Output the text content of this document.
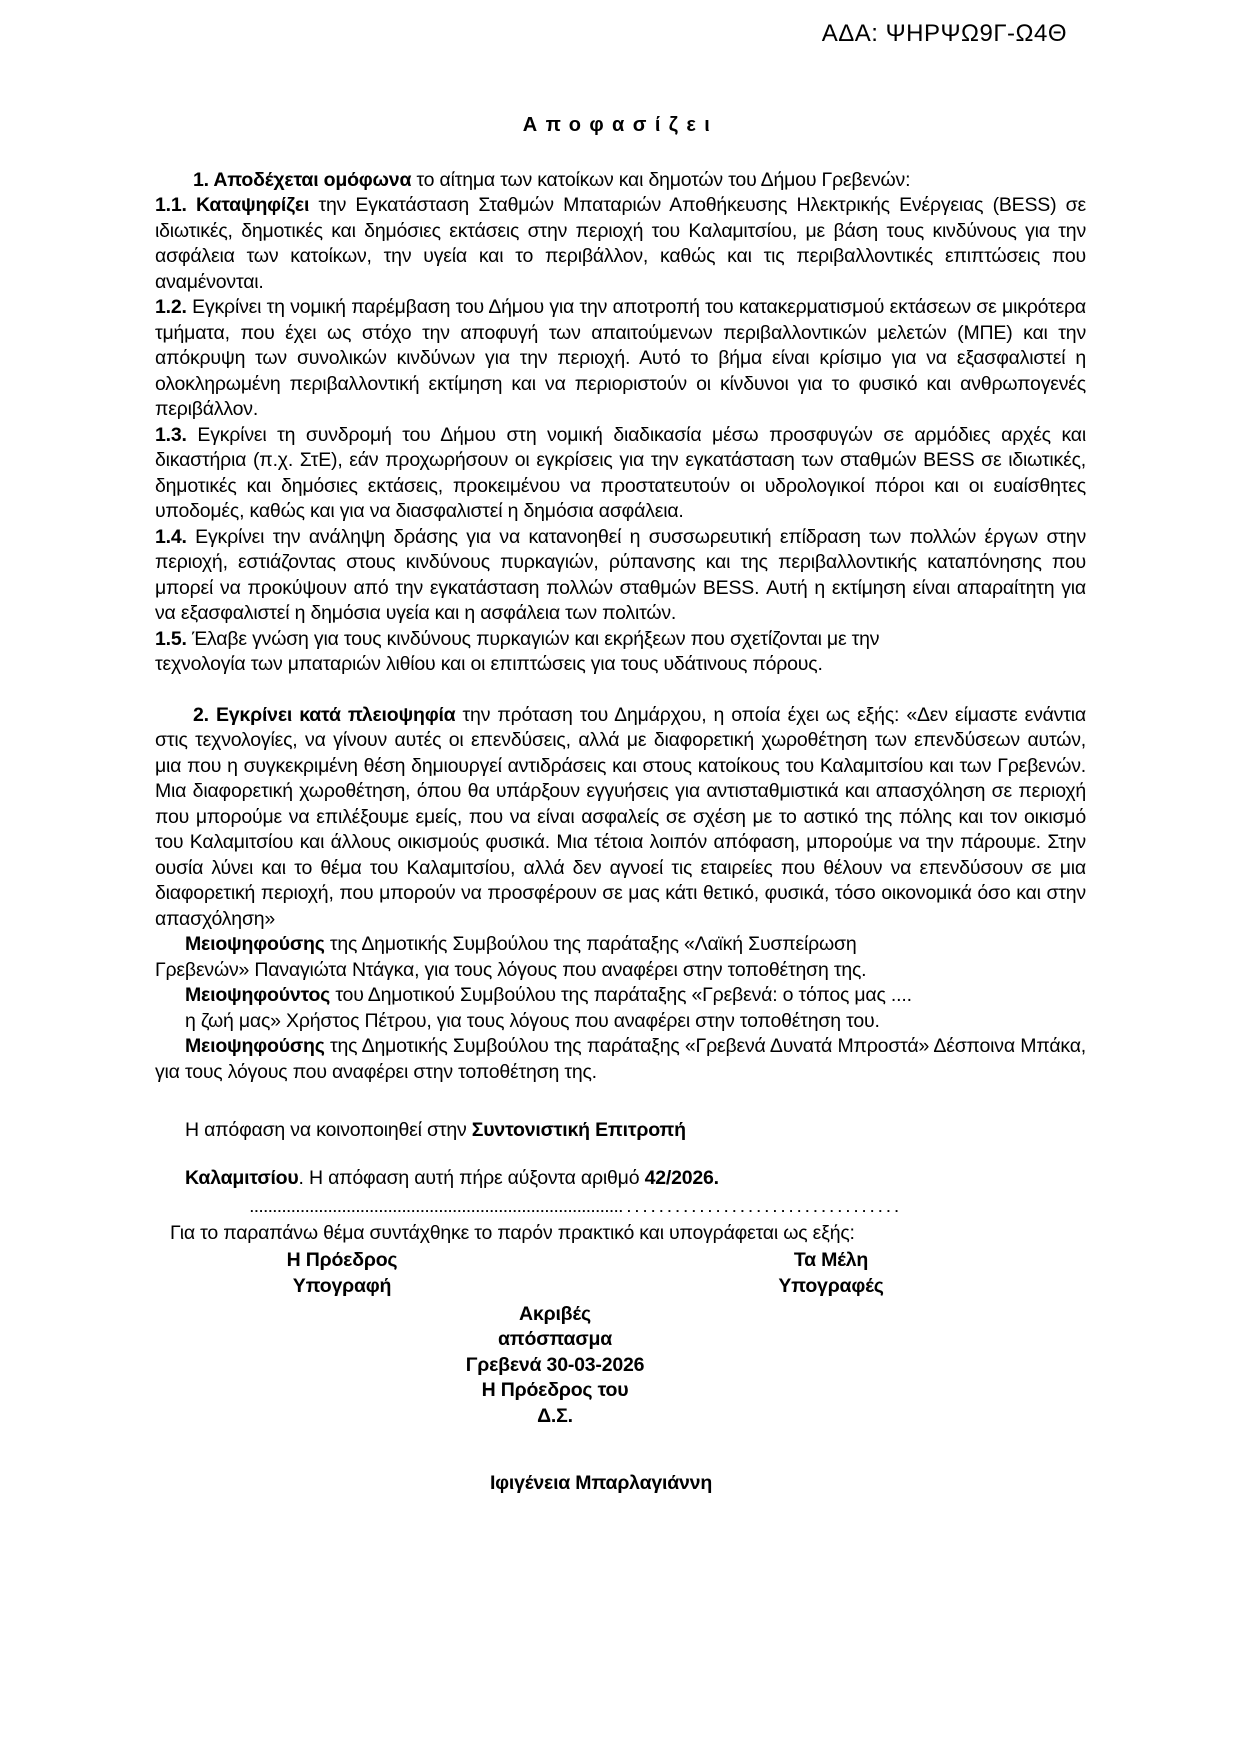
ΑΔΑ: ΨΗΡΨΩ9Γ-Ω4Θ
Αποφασίζει

1. Αποδέχεται ομόφωνα το αίτημα των κατοίκων και δημοτών του Δήμου Γρεβενών:

1.1. Καταψηφίζει την Εγκατάσταση Σταθμών Μπαταριών Αποθήκευσης Ηλεκτρικής Ενέργειας (BESS) σε ιδιωτικές, δημοτικές και δημόσιες εκτάσεις στην περιοχή του Καλαμιτσίου, με βάση τους κινδύνους για την ασφάλεια των κατοίκων, την υγεία και το περιβάλλον, καθώς και τις περιβαλλοντικές επιπτώσεις που αναμένονται.

1.2. Εγκρίνει τη νομική παρέμβαση του Δήμου για την αποτροπή του κατακερματισμού εκτάσεων σε μικρότερα τμήματα, που έχει ως στόχο την αποφυγή των απαιτούμενων περιβαλλοντικών μελετών (ΜΠΕ) και την απόκρυψη των συνολικών κινδύνων για την περιοχή. Αυτό το βήμα είναι κρίσιμο για να εξασφαλιστεί η ολοκληρωμένη περιβαλλοντική εκτίμηση και να περιοριστούν οι κίνδυνοι για το φυσικό και ανθρωπογενές περιβάλλον.

1.3. Εγκρίνει τη συνδρομή του Δήμου στη νομική διαδικασία μέσω προσφυγών σε αρμόδιες αρχές και δικαστήρια (π.χ. ΣτΕ), εάν προχωρήσουν οι εγκρίσεις για την εγκατάσταση των σταθμών BESS σε ιδιωτικές, δημοτικές και δημόσιες εκτάσεις, προκειμένου να προστατευτούν οι υδρολογικοί πόροι και οι ευαίσθητες υποδομές, καθώς και για να διασφαλιστεί η δημόσια ασφάλεια.

1.4. Εγκρίνει την ανάληψη δράσης για να κατανοηθεί η συσσωρευτική επίδραση των πολλών έργων στην περιοχή, εστιάζοντας στους κινδύνους πυρκαγιών, ρύπανσης και της περιβαλλοντικής καταπόνησης που μπορεί να προκύψουν από την εγκατάσταση πολλών σταθμών BESS. Αυτή η εκτίμηση είναι απαραίτητη για να εξασφαλιστεί η δημόσια υγεία και η ασφάλεια των πολιτών.

1.5. Έλαβε γνώση για τους κινδύνους πυρκαγιών και εκρήξεων που σχετίζονται με την

τεχνολογία των μπαταριών λιθίου και οι επιπτώσεις για τους υδάτινους πόρους.

2. Εγκρίνει κατά πλειοψηφία την πρόταση του Δημάρχου, η οποία έχει ως εξής: «Δεν είμαστε ενάντια στις τεχνολογίες, να γίνουν αυτές οι επενδύσεις, αλλά με διαφορετική χωροθέτηση των επενδύσεων αυτών, μια που η συγκεκριμένη θέση δημιουργεί αντιδράσεις και στους κατοίκους του Καλαμιτσίου και των Γρεβενών. Μια διαφορετική χωροθέτηση, όπου θα υπάρξουν εγγυήσεις για αντισταθμιστικά και απασχόληση σε περιοχή που μπορούμε να επιλέξουμε εμείς, που να είναι ασφαλείς σε σχέση με το αστικό της πόλης και τον οικισμό του Καλαμιτσίου και άλλους οικισμούς φυσικά. Μια τέτοια λοιπόν απόφαση, μπορούμε να την πάρουμε. Στην ουσία λύνει και το θέμα του Καλαμιτσίου, αλλά δεν αγνοεί τις εταιρείες που θέλουν να επενδύσουν σε μια διαφορετική περιοχή, που μπορούν να προσφέρουν σε μας κάτι θετικό, φυσικά, τόσο οικονομικά όσο και στην απασχόληση»

Μειοψηφούσης της Δημοτικής Συμβούλου της παράταξης «Λαϊκή Συσπείρωση

Γρεβενών» Παναγιώτα Ντάγκα, για τους λόγους που αναφέρει στην τοποθέτηση της.

Μειοψηφούντος του Δημοτικού Συμβούλου της παράταξης «Γρεβενά: ο τόπος μας ....

η ζωή μας» Χρήστος Πέτρου, για τους λόγους που αναφέρει στην τοποθέτηση του.

Μειοψηφούσης της Δημοτικής Συμβούλου της παράταξης «Γρεβενά Δυνατά Μπροστά» Δέσποινα Μπάκα, για τους λόγους που αναφέρει στην τοποθέτηση της.

Η απόφαση να κοινοποιηθεί στην Συντονιστική Επιτροπή

Καλαμιτσίου. Η απόφαση αυτή πήρε αύξοντα αριθμό 42/2026.

...................................................................................................................

Για το παραπάνω θέμα συντάχθηκε το παρόν πρακτικό και υπογράφεται ως εξής:

Η Πρόεδρος	Τα Μέλη
Υπογραφή	Υπογραφές
Ακριβές
απόσπασμα
Γρεβενά 30-03-2026
Η Πρόεδρος του
Δ.Σ.
Ιφιγένεια Μπαρλαγιάννη
